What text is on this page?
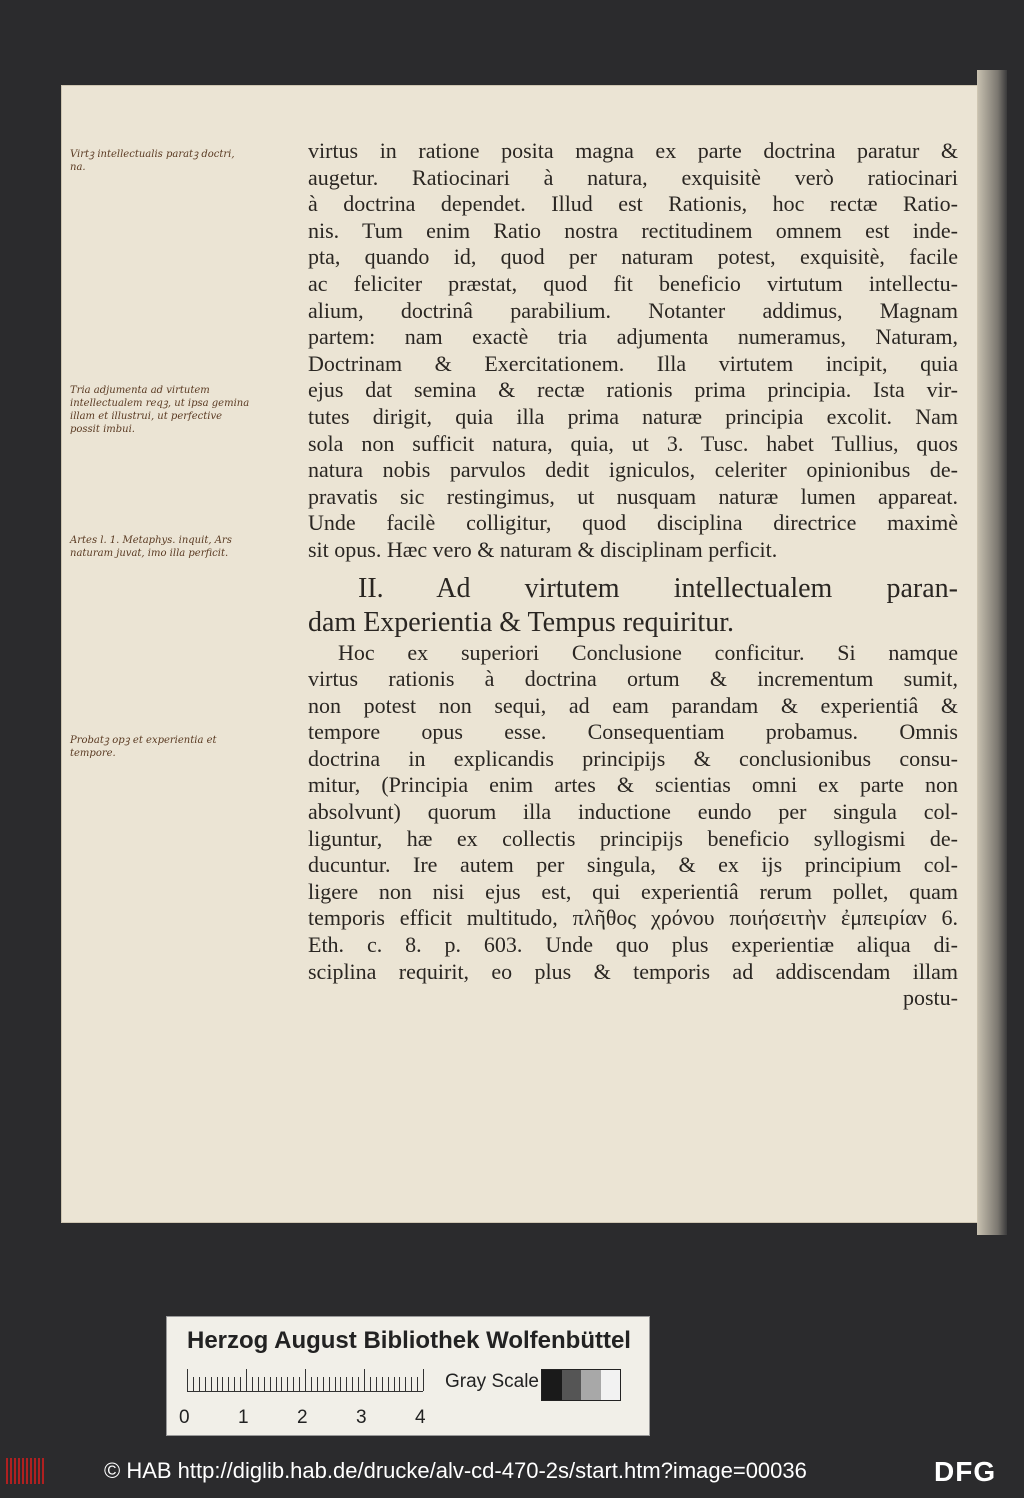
Virtꝫ intellectualis paratꝫ doctri,
na.
Tria adjumenta ad virtutem
intellectualem reqꝫ, ut ipsa gemina
illam et illustrui, ut perfective
possit imbui.
Artes l. 1. Metaphys. inquit, Ars
naturam juvat, imo illa perficit.
Probatꝫ opꝫ et experientia et
tempore.
virtus in ratione posita magna ex parte doctrina paratur &
augetur. Ratiocinari à natura, exquisitè verò ratiocinari
à doctrina dependet. Illud est Rationis, hoc rectæ Ratio-
nis. Tum enim Ratio nostra rectitudinem omnem est inde-
pta, quando id, quod per naturam potest, exquisitè, facile
ac feliciter præstat, quod fit beneficio virtutum intellectu-
alium, doctrinâ parabilium. Notanter addimus, Magnam
partem: nam exactè tria adjumenta numeramus, Naturam,
Doctrinam & Exercitationem. Illa virtutem incipit, quia
ejus dat semina & rectæ rationis prima principia. Ista vir-
tutes dirigit, quia illa prima naturæ principia excolit. Nam
sola non sufficit natura, quia, ut 3. Tusc. habet Tullius, quos
natura nobis parvulos dedit igniculos, celeriter opinionibus de-
pravatis sic restingimus, ut nusquam naturæ lumen appareat.
Unde facilè colligitur, quod disciplina directrice maximè
sit opus. Hæc vero & naturam & disciplinam perficit.
II. Ad virtutem intellectualem paran-
dam Experientia & Tempus requiritur.
Hoc ex superiori Conclusione conficitur. Si namque
virtus rationis à doctrina ortum & incrementum sumit,
non potest non sequi, ad eam parandam & experientiâ &
tempore opus esse. Consequentiam probamus. Omnis
doctrina in explicandis principijs & conclusionibus consu-
mitur, (Principia enim artes & scientias omni ex parte non
absolvunt) quorum illa inductione eundo per singula col-
liguntur, hæ ex collectis principijs beneficio syllogismi de-
ducuntur. Ire autem per singula, & ex ijs principium col-
ligere non nisi ejus est, qui experientiâ rerum pollet, quam
temporis efficit multitudo, πλῆθος χρόνου ποιήσειτὴν ἐμπειρίαν 6.
Eth. c. 8. p. 603. Unde quo plus experientiæ aliqua di-
sciplina requirit, eo plus & temporis ad addiscendam illam
postu-
Herzog August Bibliothek Wolfenbüttel
0	1	2	3	4
Gray Scale
© HAB http://diglib.hab.de/drucke/alv-cd-470-2s/start.htm?image=00036	DFG
